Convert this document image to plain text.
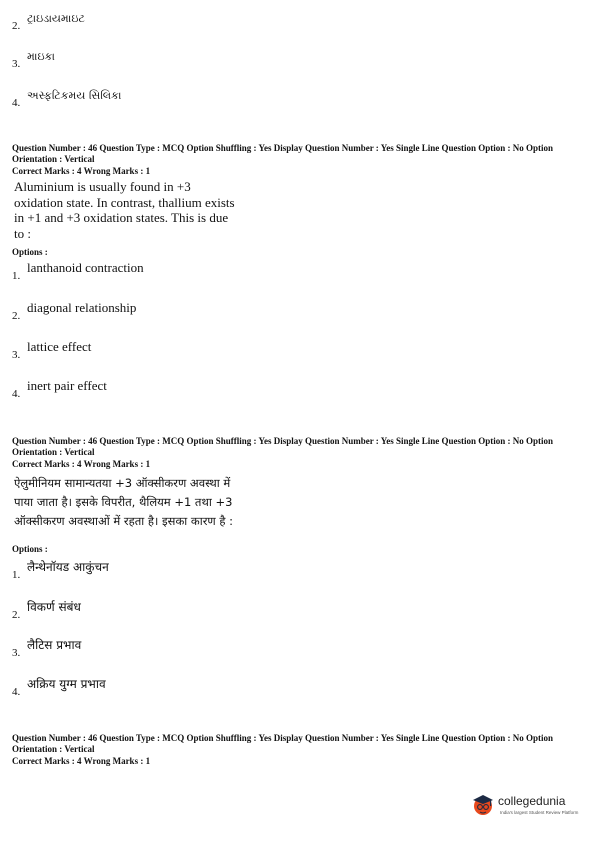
2.
ટ્રાઇડાયમાઇટ
3.
માઇકા
4.
અસ્ફટિકમય સિલિકા
Question Number : 46 Question Type : MCQ Option Shuffling : Yes Display Question Number : Yes Single Line Question Option : No Option Orientation : Vertical
Correct Marks : 4 Wrong Marks : 1
Aluminium is usually found in +3
oxidation state. In contrast, thallium exists
in +1 and +3 oxidation states. This is due
to :
Options :
1.
lanthanoid contraction
2.
diagonal relationship
3.
lattice effect
4.
inert pair effect
Question Number : 46 Question Type : MCQ Option Shuffling : Yes Display Question Number : Yes Single Line Question Option : No Option Orientation : Vertical
Correct Marks : 4 Wrong Marks : 1
ऐलुमीनियम सामान्यतया +3 ऑक्सीकरण अवस्था में
पाया जाता है। इसके विपरीत, थैलियम +1 तथा +3
ऑक्सीकरण अवस्थाओं में रहता है। इसका कारण है :
Options :
1.
लैन्थेनॉयड आकुंचन
2.
विकर्ण संबंध
3.
लैटिस प्रभाव
4.
अक्रिय युग्म प्रभाव
Question Number : 46 Question Type : MCQ Option Shuffling : Yes Display Question Number : Yes Single Line Question Option : No Option Orientation : Vertical
Correct Marks : 4 Wrong Marks : 1
collegedunia
India's largest Student Review Platform
